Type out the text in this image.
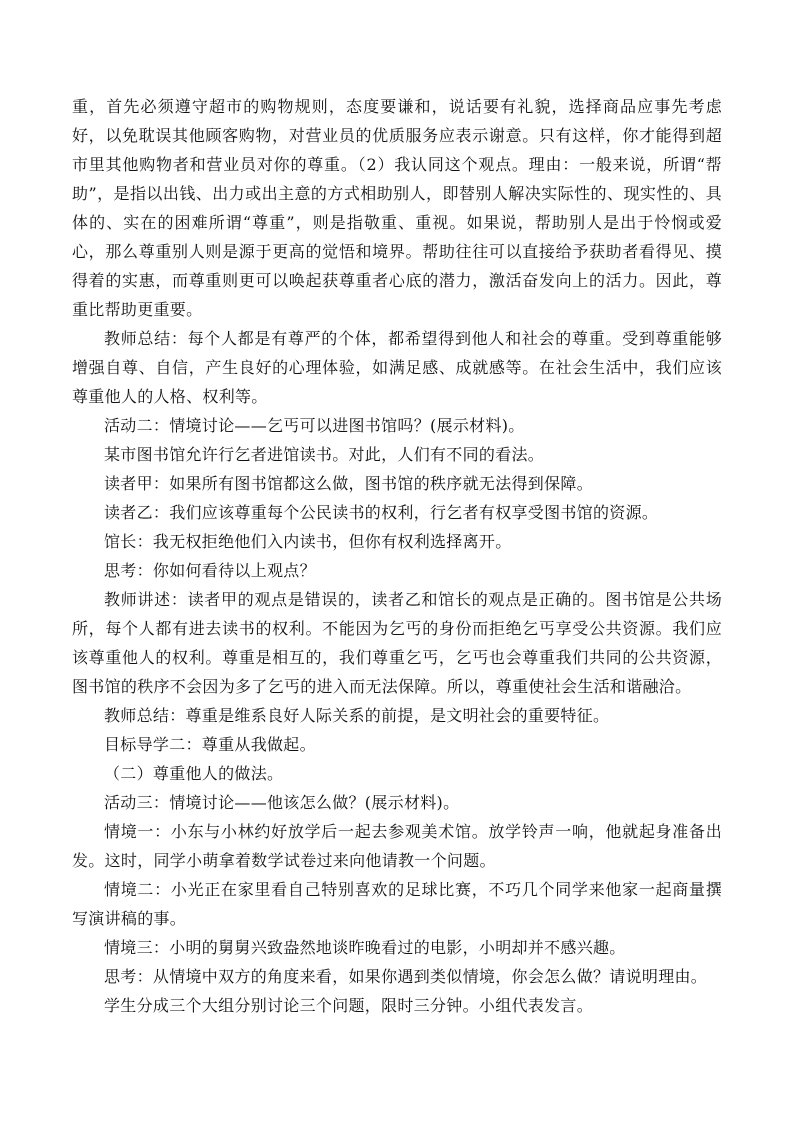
重，首先必须遵守超市的购物规则，态度要谦和，说话要有礼貌，选择商品应事先考虑好，以免耽误其他顾客购物，对营业员的优质服务应表示谢意。只有这样，你才能得到超市里其他购物者和营业员对你的尊重。（2）我认同这个观点。理由：一般来说，所谓“帮助”，是指以出钱、出力或出主意的方式相助别人，即替别人解决实际性的、现实性的、具体的、实在的困难所谓“尊重”，则是指敬重、重视。如果说，帮助别人是出于怜悯或爱心，那么尊重别人则是源于更高的觉悟和境界。帮助往往可以直接给予获助者看得见、摸得着的实惠，而尊重则更可以唤起获尊重者心底的潜力，激活奋发向上的活力。因此，尊重比帮助更重要。

教师总结：每个人都是有尊严的个体，都希望得到他人和社会的尊重。受到尊重能够增强自尊、自信，产生良好的心理体验，如满足感、成就感等。在社会生活中，我们应该尊重他人的人格、权利等。

活动二：情境讨论——乞丐可以进图书馆吗？(展示材料)。

某市图书馆允许行乞者进馆读书。对此，人们有不同的看法。

读者甲：如果所有图书馆都这么做，图书馆的秩序就无法得到保障。

读者乙：我们应该尊重每个公民读书的权利，行乞者有权享受图书馆的资源。

馆长：我无权拒绝他们入内读书，但你有权利选择离开。

思考：你如何看待以上观点？

教师讲述：读者甲的观点是错误的，读者乙和馆长的观点是正确的。图书馆是公共场所，每个人都有进去读书的权利。不能因为乞丐的身份而拒绝乞丐享受公共资源。我们应该尊重他人的权利。尊重是相互的，我们尊重乞丐，乞丐也会尊重我们共同的公共资源，图书馆的秩序不会因为多了乞丐的进入而无法保障。所以，尊重使社会生活和谐融洽。

教师总结：尊重是维系良好人际关系的前提，是文明社会的重要特征。

目标导学二：尊重从我做起。

（二）尊重他人的做法。

活动三：情境讨论——他该怎么做？(展示材料)。

情境一：小东与小林约好放学后一起去参观美术馆。放学铃声一响，他就起身准备出发。这时，同学小萌拿着数学试卷过来向他请教一个问题。

情境二：小光正在家里看自己特别喜欢的足球比赛，不巧几个同学来他家一起商量撰写演讲稿的事。

情境三：小明的舅舅兴致盎然地谈昨晚看过的电影，小明却并不感兴趣。

思考：从情境中双方的角度来看，如果你遇到类似情境，你会怎么做？请说明理由。

学生分成三个大组分别讨论三个问题，限时三分钟。小组代表发言。
